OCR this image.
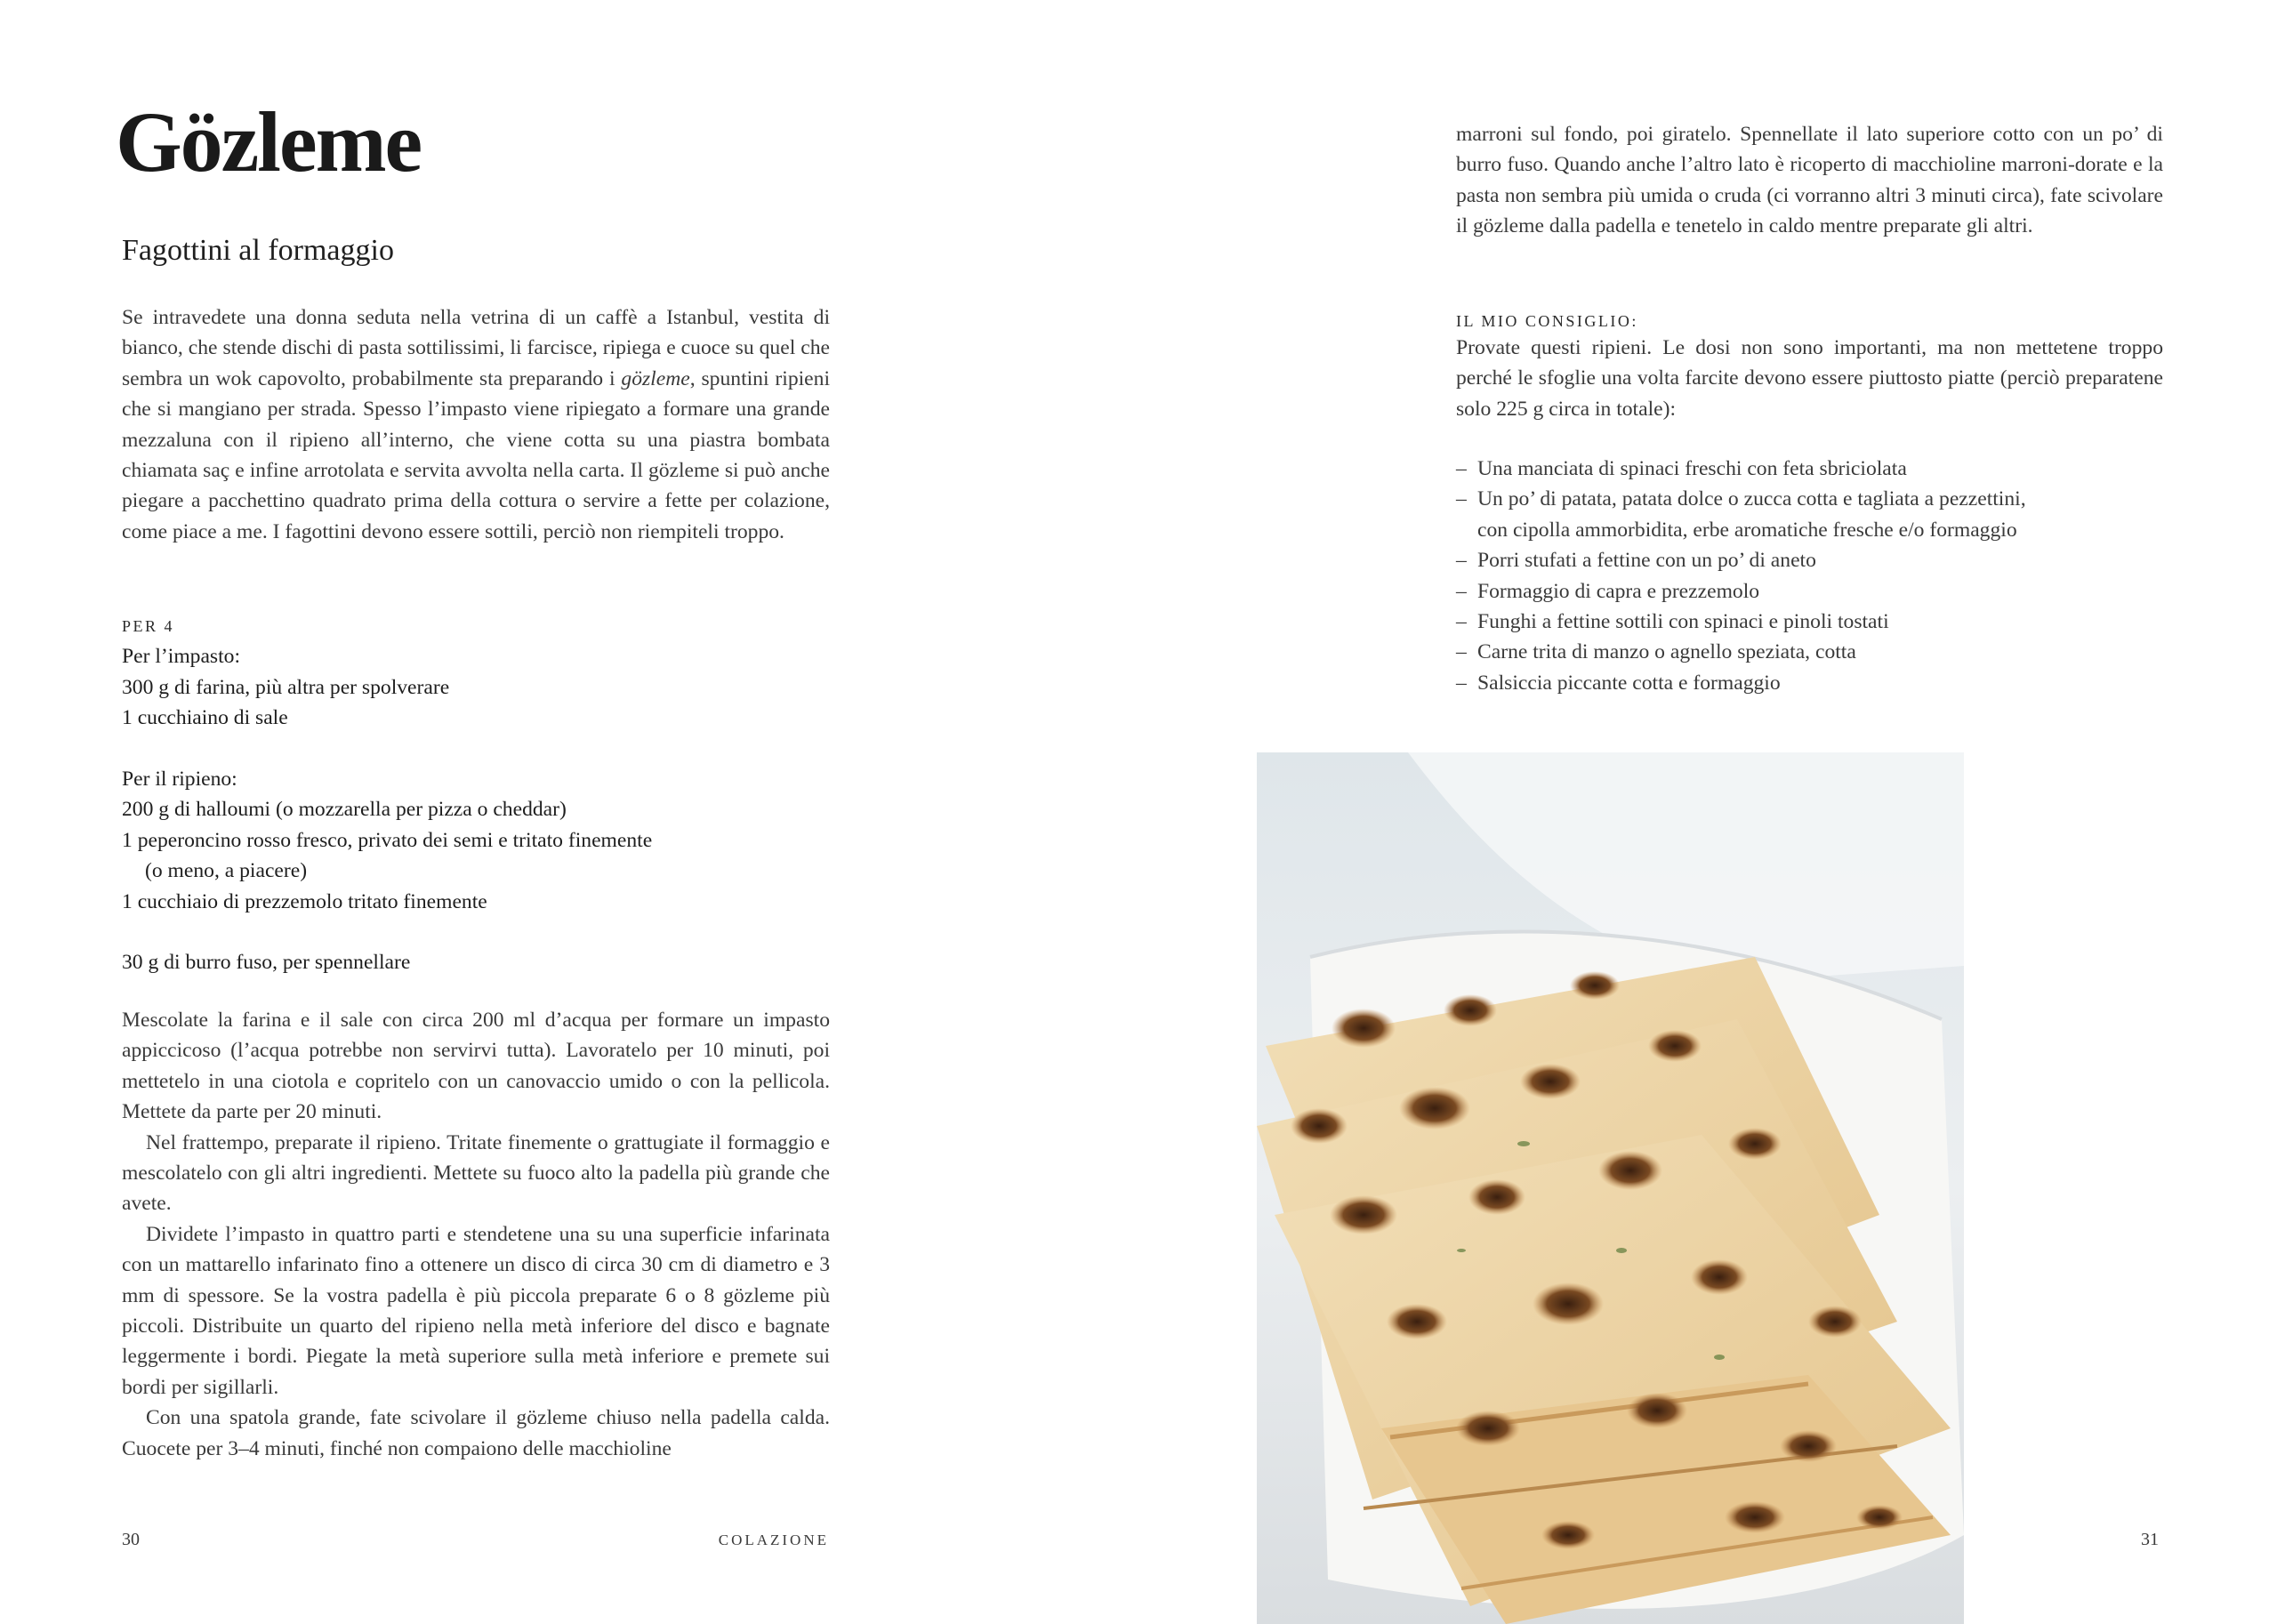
Gözleme
Fagottini al formaggio

Se intravedete una donna seduta nella vetrina di un caffè a Istanbul, vestita di bianco, che stende dischi di pasta sottilissimi, li farcisce, ripiega e cuoce su quel che sembra un wok capovolto, probabilmente sta preparando i gözleme, spuntini ripieni che si mangiano per strada. Spesso l’impasto viene ripiegato a formare una grande mezzaluna con il ripieno all’interno, che viene cotta su una piastra bombata chiamata saç e infine arrotolata e servita avvolta nella carta. Il gözleme si può anche piegare a pacchettino quadrato prima della cottura o servire a fette per colazione, come piace a me. I fagottini devono essere sottili, perciò non riempiteli troppo.

PER 4
Per l’impasto:
300 g di farina, più altra per spolverare
1 cucchiaino di sale
Per il ripieno:
200 g di halloumi (o mozzarella per pizza o cheddar)
1 peperoncino rosso fresco, privato dei semi e tritato finemente
(o meno, a piacere)
1 cucchiaio di prezzemolo tritato finemente
30 g di burro fuso, per spennellare

Mescolate la farina e il sale con circa 200 ml d’acqua per formare un impasto appiccicoso (l’acqua potrebbe non servirvi tutta). Lavoratelo per 10 minuti, poi mettetelo in una ciotola e copritelo con un canovaccio umido o con la pellicola. Mettete da parte per 20 minuti.

Nel frattempo, preparate il ripieno. Tritate finemente o grattugiate il formaggio e mescolatelo con gli altri ingredienti. Mettete su fuoco alto la padella più grande che avete.

Dividete l’impasto in quattro parti e stendetene una su una superficie infarinata con un mattarello infarinato fino a ottenere un disco di circa 30 cm di diametro e 3 mm di spessore. Se la vostra padella è più piccola preparate 6 o 8 gözleme più piccoli. Distribuite un quarto del ripieno nella metà inferiore del disco e bagnate leggermente i bordi. Piegate la metà superiore sulla metà inferiore e premete sui bordi per sigillarli.

Con una spatola grande, fate scivolare il gözleme chiuso nella padella calda. Cuocete per 3–4 minuti, finché non compaiono delle macchioline

30	COLAZIONE

marroni sul fondo, poi giratelo. Spennellate il lato superiore cotto con un po’ di burro fuso. Quando anche l’altro lato è ricoperto di macchioline marroni-dorate e la pasta non sembra più umida o cruda (ci vorranno altri 3 minuti circa), fate scivolare il gözleme dalla padella e tenetelo in caldo mentre preparate gli altri.

IL MIO CONSIGLIO:

Provate questi ripieni. Le dosi non sono importanti, ma non mettetene troppo perché le sfoglie una volta farcite devono essere piuttosto piatte (perciò preparatene solo 225 g circa in totale):

– Una manciata di spinaci freschi con feta sbriciolata
– Un po’ di patata, patata dolce o zucca cotta e tagliata a pezzettini,
con cipolla ammorbidita, erbe aromatiche fresche e/o formaggio
– Porri stufati a fettine con un po’ di aneto
– Formaggio di capra e prezzemolo
– Funghi a fettine sottili con spinaci e pinoli tostati
– Carne trita di manzo o agnello speziata, cotta
– Salsiccia piccante cotta e formaggio
31
